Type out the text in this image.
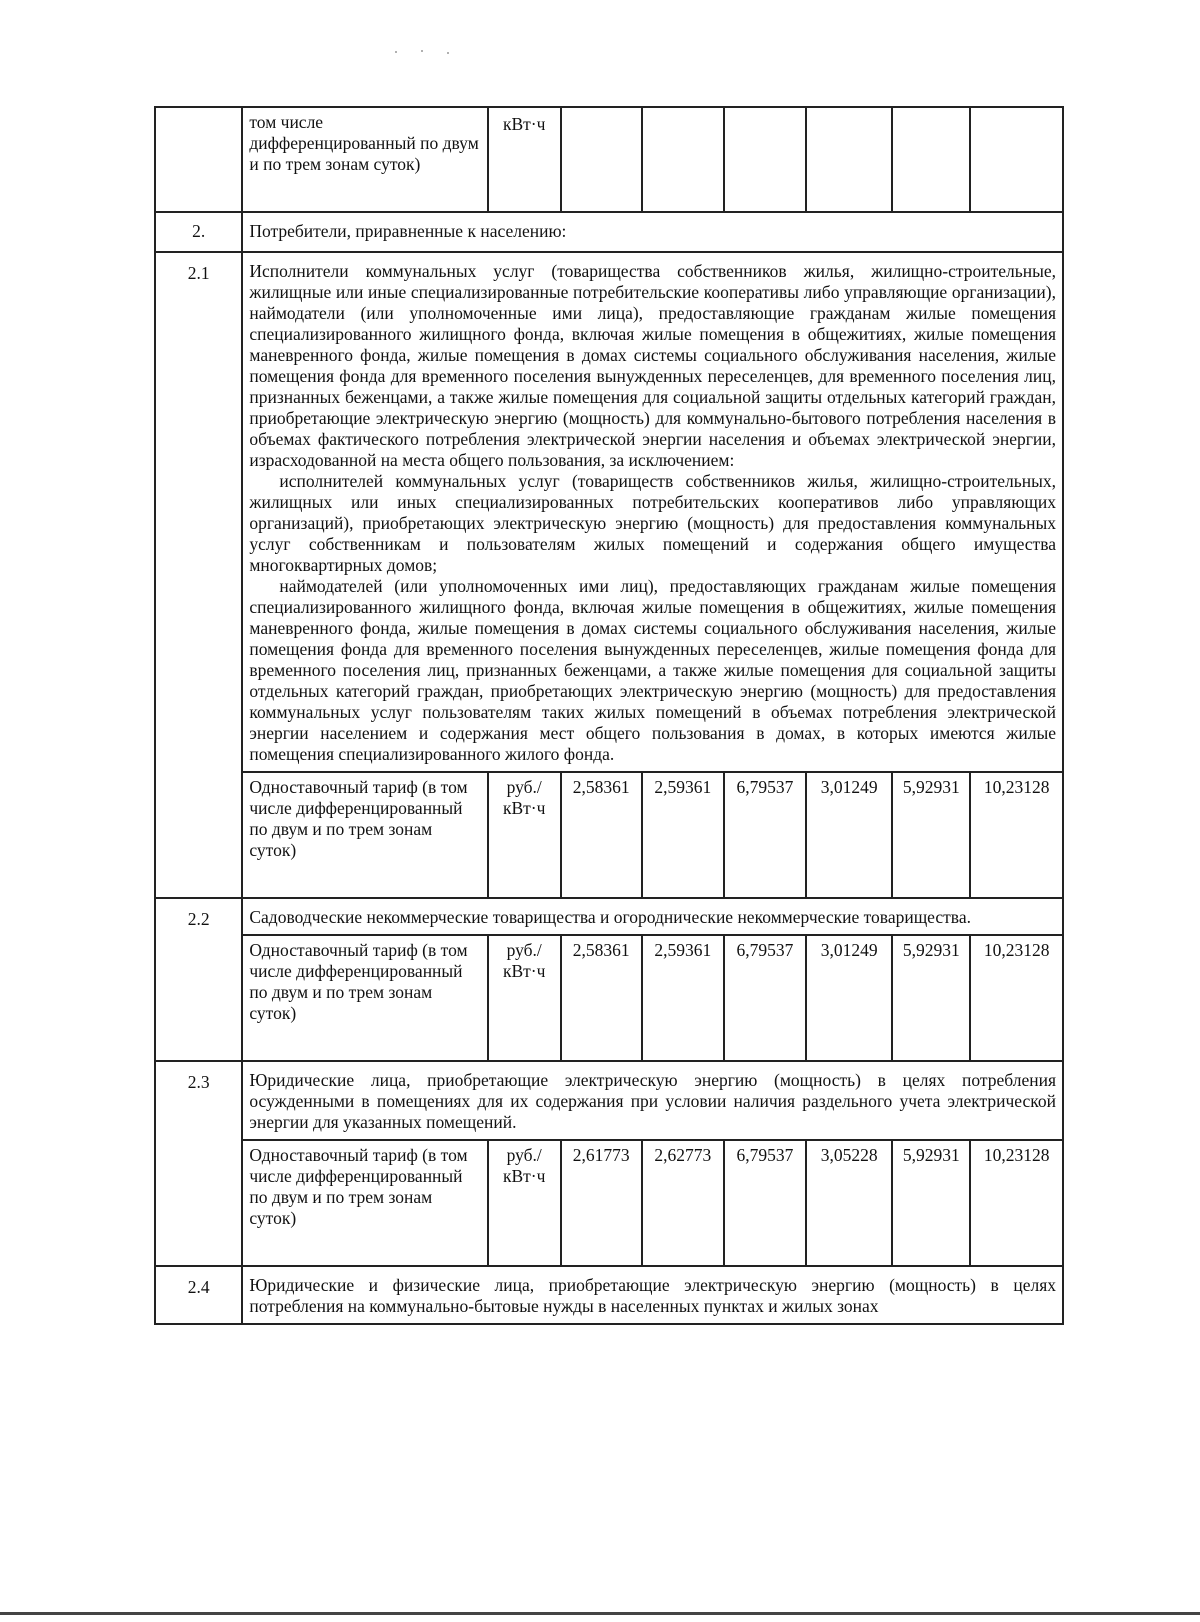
	том числе дифференцированный по двум и по трем зонам суток)	кВт·ч						
2.	Потребители, приравненные к населению:							
2.1	Исполнители коммунальных услуг (товарищества собственников жилья, жилищно-строительные, жилищные или иные специализированные потребительские кооперативы либо управляющие организации), наймодатели (или уполномоченные ими лица), предоставляющие гражданам жилые помещения специализированного жилищного фонда, включая жилые помещения в общежитиях, жилые помещения маневренного фонда, жилые помещения в домах системы социального обслуживания населения, жилые помещения фонда для временного поселения вынужденных переселенцев, для временного поселения лиц, признанных беженцами, а также жилые помещения для социальной защиты отдельных категорий граждан, приобретающие электрическую энергию (мощность) для коммунально-бытового потребления населения в объемах фактического потребления электрической энергии населения и объемах электрической энергии, израсходованной на места общего пользования, за исключением:
исполнителей коммунальных услуг (товариществ собственников жилья, жилищно-строительных, жилищных или иных специализированных потребительских кооперативов либо управляющих организаций), приобретающих электрическую энергию (мощность) для предоставления коммунальных услуг собственникам и пользователям жилых помещений и содержания общего имущества многоквартирных домов;
наймодателей (или уполномоченных ими лиц), предоставляющих гражданам жилые помещения специализированного жилищного фонда, включая жилые помещения в общежитиях, жилые помещения маневренного фонда, жилые помещения в домах системы социального обслуживания населения, жилые помещения фонда для временного поселения вынужденных переселенцев, жилые помещения фонда для временного поселения лиц, признанных беженцами, а также жилые помещения для социальной защиты отдельных категорий граждан, приобретающих электрическую энергию (мощность) для предоставления коммунальных услуг пользователям таких жилых помещений в объемах потребления электрической энергии населением и содержания мест общего пользования в домах, в которых имеются жилые помещения специализированного жилого фонда.							

	Одноставочный тариф (в том числе дифференцированный по двум и по трем зонам суток)	руб./ кВт·ч	2,58361	2,59361	6,79537	3,01249	5,92931	10,23128
2.2	Садоводческие некоммерческие товарищества и огороднические некоммерческие товарищества.							
	Одноставочный тариф (в том числе дифференцированный по двум и по трем зонам суток)	руб./ кВт·ч	2,58361	2,59361	6,79537	3,01249	5,92931	10,23128
2.3	Юридические лица, приобретающие электрическую энергию (мощность) в целях потребления осужденными в помещениях для их содержания при условии наличия раздельного учета электрической энергии для указанных помещений.							
	Одноставочный тариф (в том числе дифференцированный по двум и по трем зонам суток)	руб./ кВт·ч	2,61773	2,62773	6,79537	3,05228	5,92931	10,23128
2.4	Юридические и физические лица, приобретающие электрическую энергию (мощность) в целях потребления на коммунально-бытовые нужды в населенных пунктах и жилых зонах							
